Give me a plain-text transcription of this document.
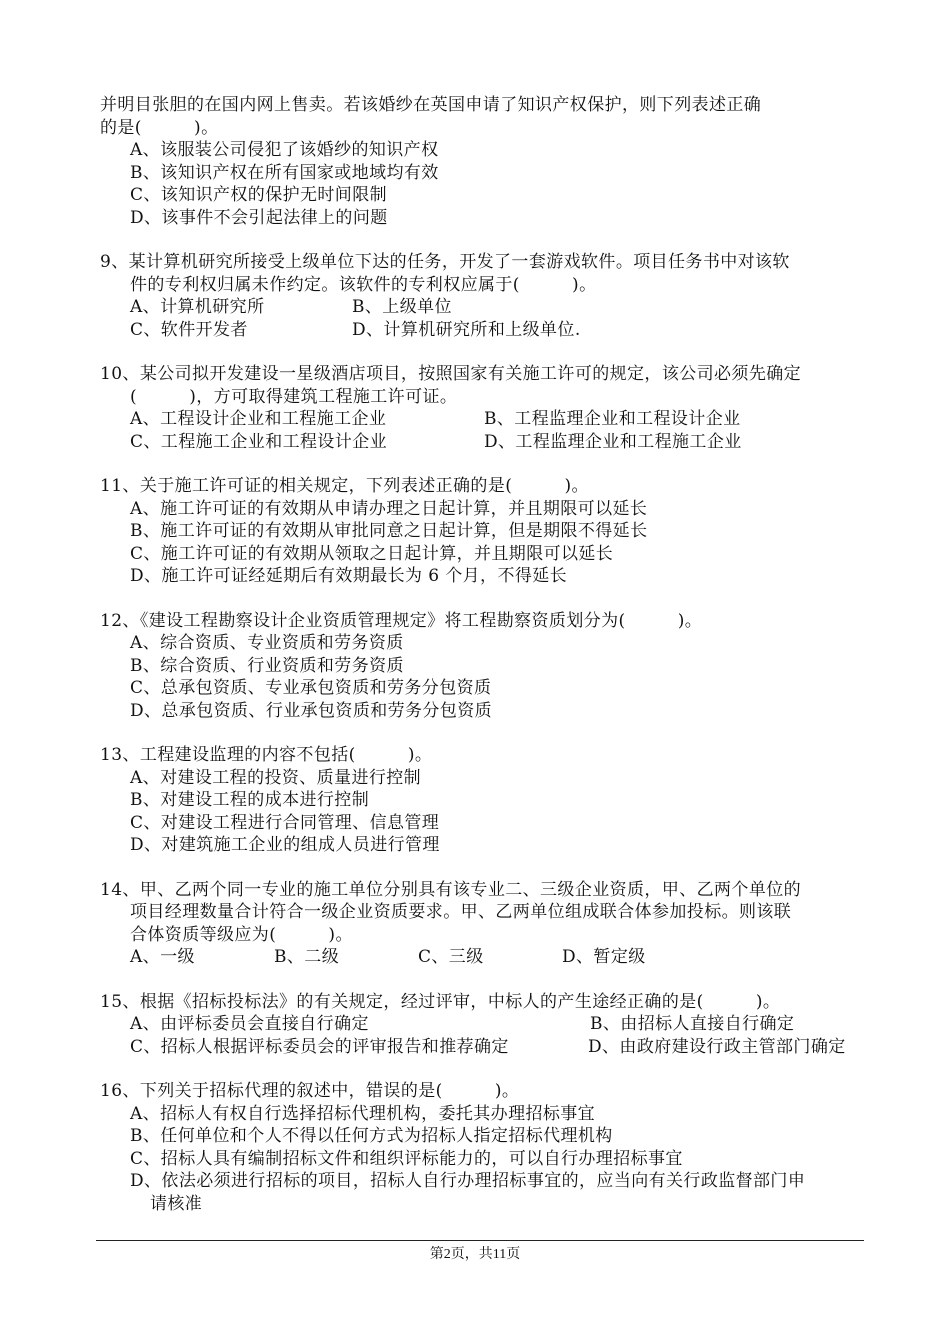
并明目张胆的在国内网上售卖。若该婚纱在英国申请了知识产权保护，则下列表述正确
的是(　　　)。
A、该服装公司侵犯了该婚纱的知识产权
B、该知识产权在所有国家或地域均有效
C、该知识产权的保护无时间限制
D、该事件不会引起法律上的问题
9、某计算机研究所接受上级单位下达的任务，开发了一套游戏软件。项目任务书中对该软
件的专利权归属未作约定。该软件的专利权应属于(　　　)。
A、计算机研究所	B、上级单位
C、软件开发者	D、计算机研究所和上级单位.
10、某公司拟开发建设一星级酒店项目，按照国家有关施工许可的规定，该公司必须先确定
(　　　)，方可取得建筑工程施工许可证。
A、工程设计企业和工程施工企业	B、工程监理企业和工程设计企业
C、工程施工企业和工程设计企业	D、工程监理企业和工程施工企业
11、关于施工许可证的相关规定，下列表述正确的是(　　　)。
A、施工许可证的有效期从申请办理之日起计算，并且期限可以延长
B、施工许可证的有效期从审批同意之日起计算，但是期限不得延长
C、施工许可证的有效期从领取之日起计算，并且期限可以延长
D、施工许可证经延期后有效期最长为 6 个月，不得延长
12、《建设工程勘察设计企业资质管理规定》将工程勘察资质划分为(　　　)。
A、综合资质、专业资质和劳务资质
B、综合资质、行业资质和劳务资质
C、总承包资质、专业承包资质和劳务分包资质
D、总承包资质、行业承包资质和劳务分包资质
13、工程建设监理的内容不包括(　　　)。
A、对建设工程的投资、质量进行控制
B、对建设工程的成本进行控制
C、对建设工程进行合同管理、信息管理
D、对建筑施工企业的组成人员进行管理
14、甲、乙两个同一专业的施工单位分别具有该专业二、三级企业资质，甲、乙两个单位的
项目经理数量合计符合一级企业资质要求。甲、乙两单位组成联合体参加投标。则该联
合体资质等级应为(　　　)。
A、一级	B、二级	C、三级	D、暂定级
15、根据《招标投标法》的有关规定，经过评审，中标人的产生途经正确的是(　　　)。
A、由评标委员会直接自行确定	B、由招标人直接自行确定
C、招标人根据评标委员会的评审报告和推荐确定	D、由政府建设行政主管部门确定
16、下列关于招标代理的叙述中，错误的是(　　　)。
A、招标人有权自行选择招标代理机构，委托其办理招标事宜
B、任何单位和个人不得以任何方式为招标人指定招标代理机构
C、招标人具有编制招标文件和组织评标能力的，可以自行办理招标事宜
D、依法必须进行招标的项目，招标人自行办理招标事宜的，应当向有关行政监督部门申
请核准
第2页，共11页
